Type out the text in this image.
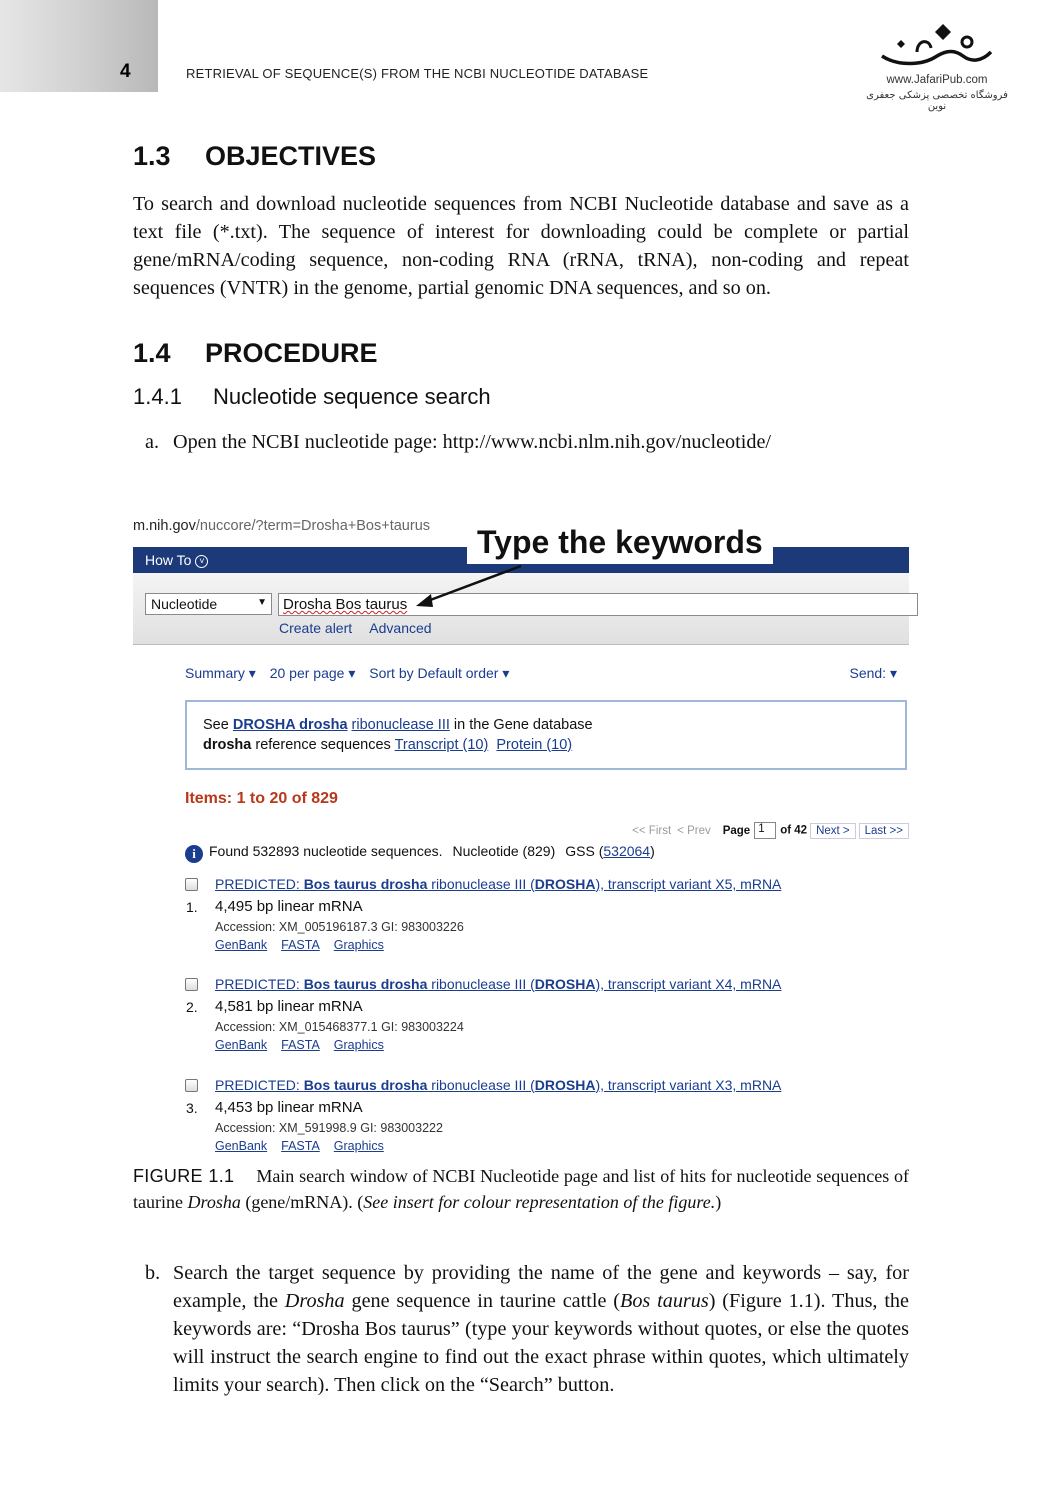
4	RETRIEVAL OF SEQUENCE(S) FROM THE NCBI NUCLEOTIDE DATABASE	www.JafariPub.com
فروشگاه تخصصی پزشکی جعفری نوین
1.3 OBJECTIVES

To search and download nucleotide sequences from NCBI Nucleotide database and save as a text file (*.txt). The sequence of interest for downloading could be complete or partial gene/mRNA/coding sequence, non-coding RNA (rRNA, tRNA), non-coding and repeat sequences (VNTR) in the genome, partial genomic DNA sequences, and so on.

1.4 PROCEDURE
1.4.1 Nucleotide sequence search
a. Open the NCBI nucleotide page: http://www.ncbi.nlm.nih.gov/nucleotide/
m.nih.gov/nuccore/?term=Drosha+Bos+taurus
How To ˅
Nucleotide	▼	Drosha Bos taurus
Create alert Advanced
Type the keywords
Summary ▾ 20 per page ▾ Sort by Default order ▾	Send: ▾
See DROSHA drosha ribonuclease III in the Gene database
drosha reference sequences Transcript (10) Protein (10)
Items: 1 to 20 of 829
<< First < Prev Page 1 of 42 Next > Last >>
i Found 532893 nucleotide sequences. Nucleotide (829) GSS (532064)
1.
PREDICTED: Bos taurus drosha ribonuclease III (DROSHA), transcript variant X5, mRNA
4,495 bp linear mRNA
Accession: XM_005196187.3 GI: 983003226
GenBank FASTA Graphics
2.
PREDICTED: Bos taurus drosha ribonuclease III (DROSHA), transcript variant X4, mRNA
4,581 bp linear mRNA
Accession: XM_015468377.1 GI: 983003224
GenBank FASTA Graphics
3.
PREDICTED: Bos taurus drosha ribonuclease III (DROSHA), transcript variant X3, mRNA
4,453 bp linear mRNA
Accession: XM_591998.9 GI: 983003222
GenBank FASTA Graphics

FIGURE 1.1 Main search window of NCBI Nucleotide page and list of hits for nucleotide sequences of taurine Drosha (gene/mRNA). (See insert for colour representation of the figure.)

b. Search the target sequence by providing the name of the gene and keywords – say, for example, the Drosha gene sequence in taurine cattle (Bos taurus) (Figure 1.1). Thus, the keywords are: “Drosha Bos taurus” (type your keywords without quotes, or else the quotes will instruct the search engine to find out the exact phrase within quotes, which ultimately limits your search). Then click on the “Search” button.
